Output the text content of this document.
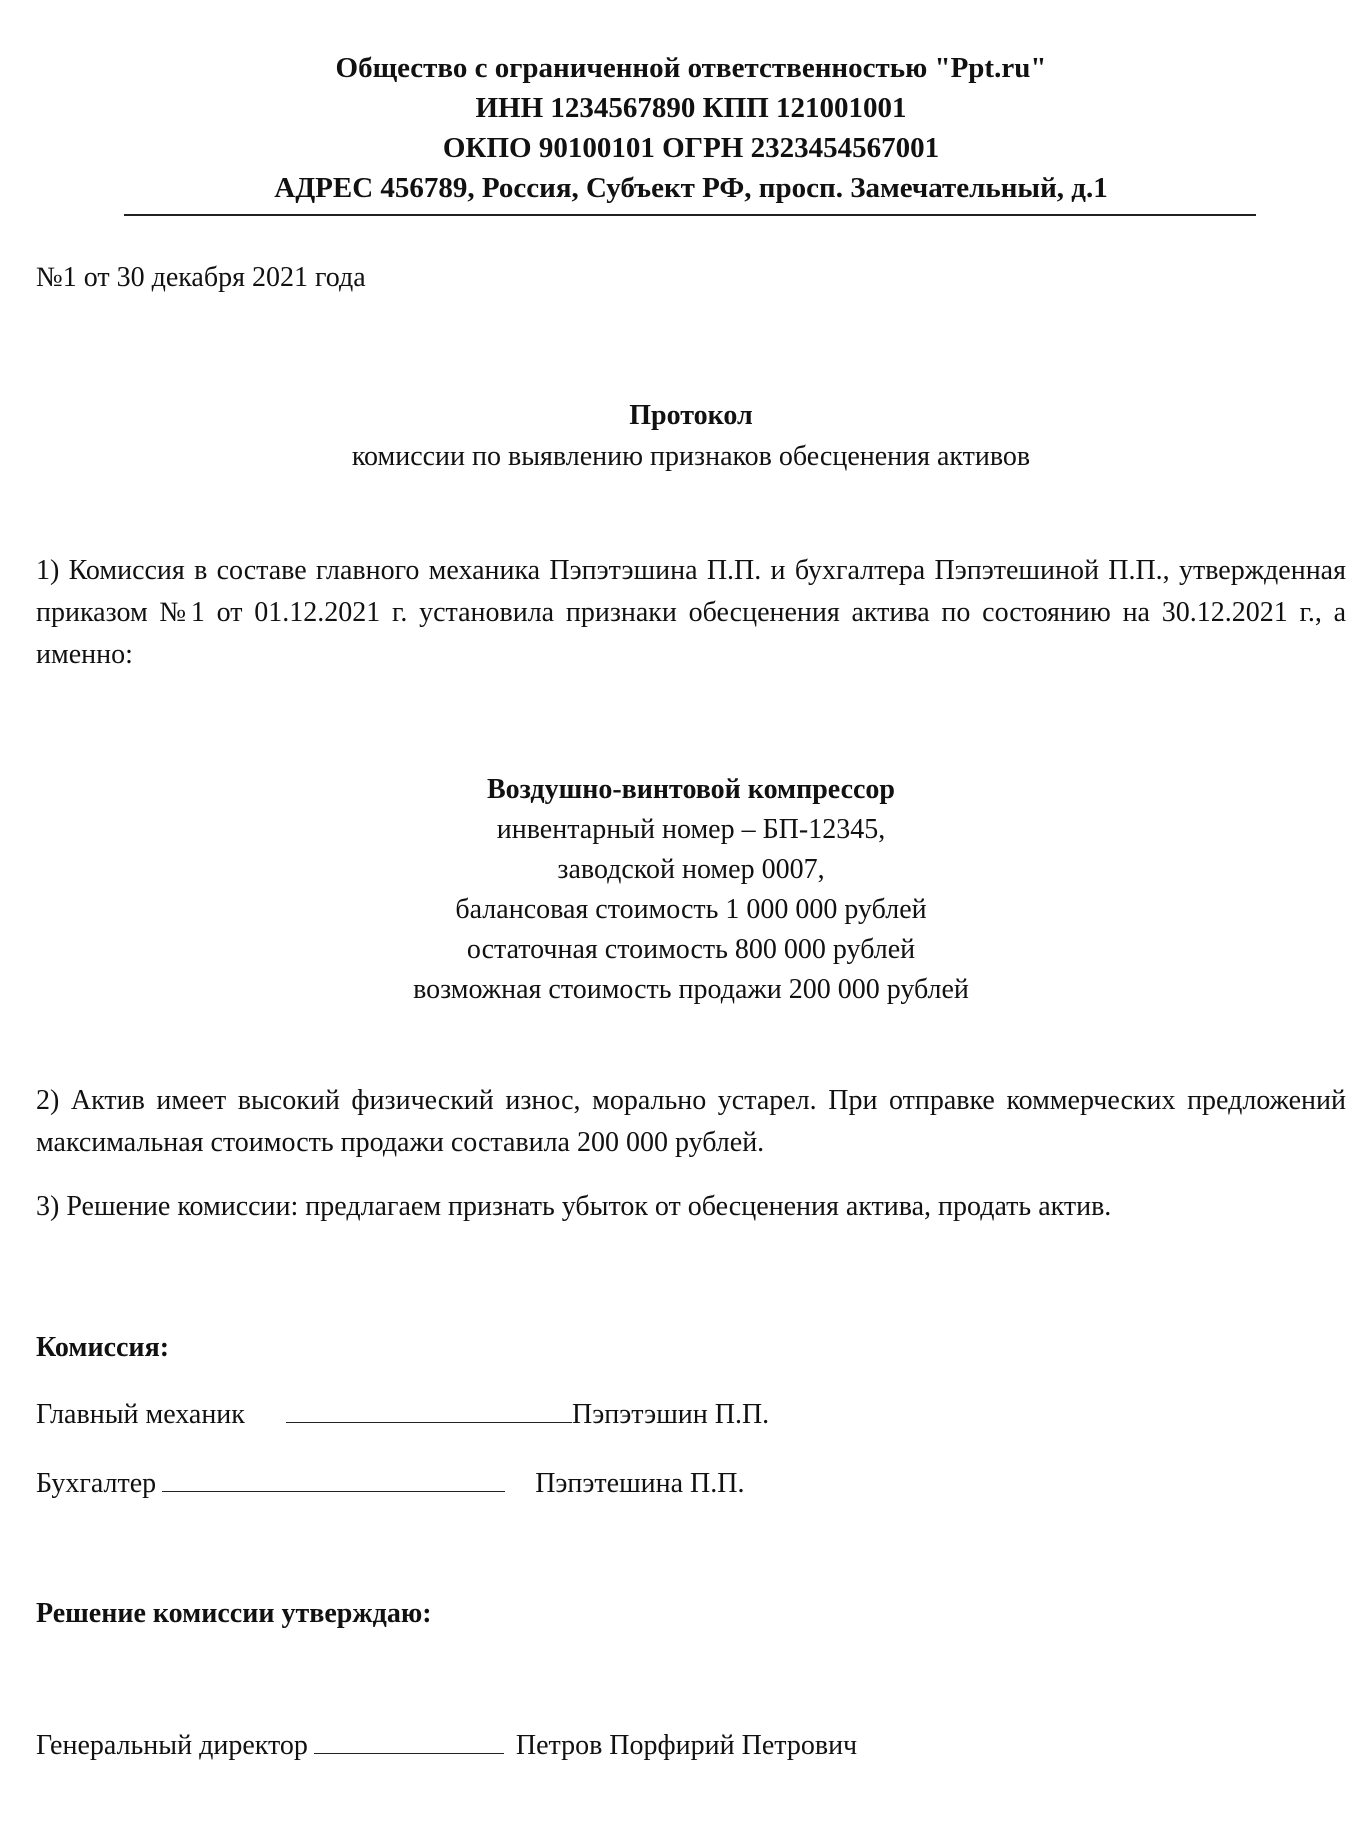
Общество с ограниченной ответственностью "Ppt.ru"
ИНН 1234567890 КПП 121001001
ОКПО 90100101 ОГРН 2323454567001
АДРЕС 456789, Россия, Субъект РФ, просп. Замечательный, д.1
№1 от 30 декабря 2021 года
Протокол
комиссии по выявлению признаков обесценения активов
1) Комиссия в составе главного механика Пэпэтэшина П.П. и бухгалтера Пэпэтешиной П.П., утвержденная приказом №1 от 01.12.2021 г. установила признаки обесценения актива по состоянию на 30.12.2021 г., а именно:
Воздушно-винтовой компрессор
инвентарный номер – БП-12345,
заводской номер 0007,
балансовая стоимость 1 000 000 рублей
остаточная стоимость 800 000 рублей
возможная стоимость продажи 200 000 рублей
2) Актив имеет высокий физический износ, морально устарел. При отправке коммерческих предложений максимальная стоимость продажи составила 200 000 рублей.
3) Решение комиссии: предлагаем признать убыток от обесценения актива, продать актив.
Комиссия:
Главный механик	Пэпэтэшин П.П.
Бухгалтер	Пэпэтешина П.П.
Решение комиссии утверждаю:
Генеральный директор	Петров Порфирий Петрович
